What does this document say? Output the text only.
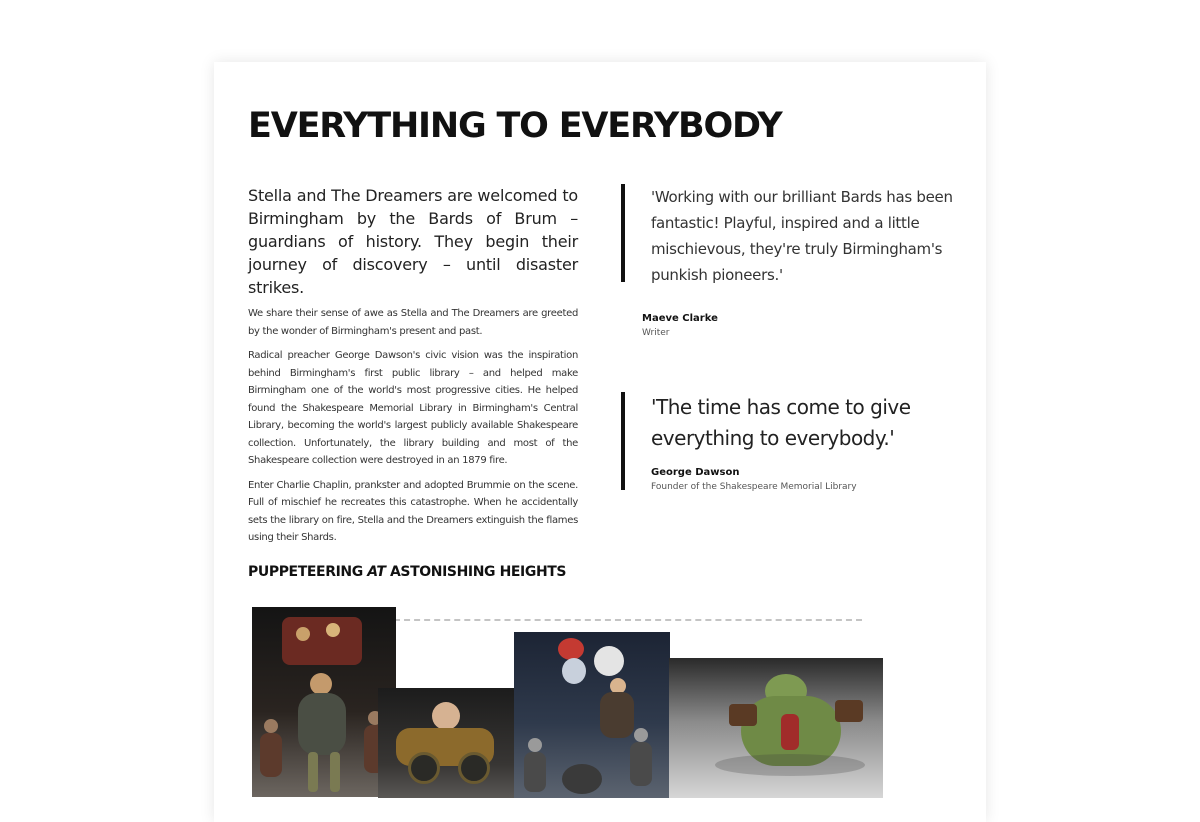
EVERYTHING TO EVERYBODY

Stella and The Dreamers are welcomed to Birmingham by the Bards of Brum – guardians of history. They begin their journey of discovery – until disaster strikes.

We share their sense of awe as Stella and The Dreamers are greeted by the wonder of Birmingham's present and past.

Radical preacher George Dawson's civic vision was the inspiration behind Birmingham's first public library – and helped make Birmingham one of the world's most progressive cities. He helped found the Shakespeare Memorial Library in Birmingham's Central Library, becoming the world's largest publicly available Shakespeare collection. Unfortunately, the library building and most of the Shakespeare collection were destroyed in an 1879 fire.

Enter Charlie Chaplin, prankster and adopted Brummie on the scene. Full of mischief he recreates this catastrophe. When he accidentally sets the library on fire, Stella and the Dreamers extinguish the flames using their Shards.

'Working with our brilliant Bards has been fantastic! Playful, inspired and a little mischievous, they're truly Birmingham's punkish pioneers.'

Maeve Clarke

Writer

'The time has come to give everything to everybody.'

George Dawson

Founder of the Shakespeare Memorial Library

PUPPETEERING AT ASTONISHING HEIGHTS
